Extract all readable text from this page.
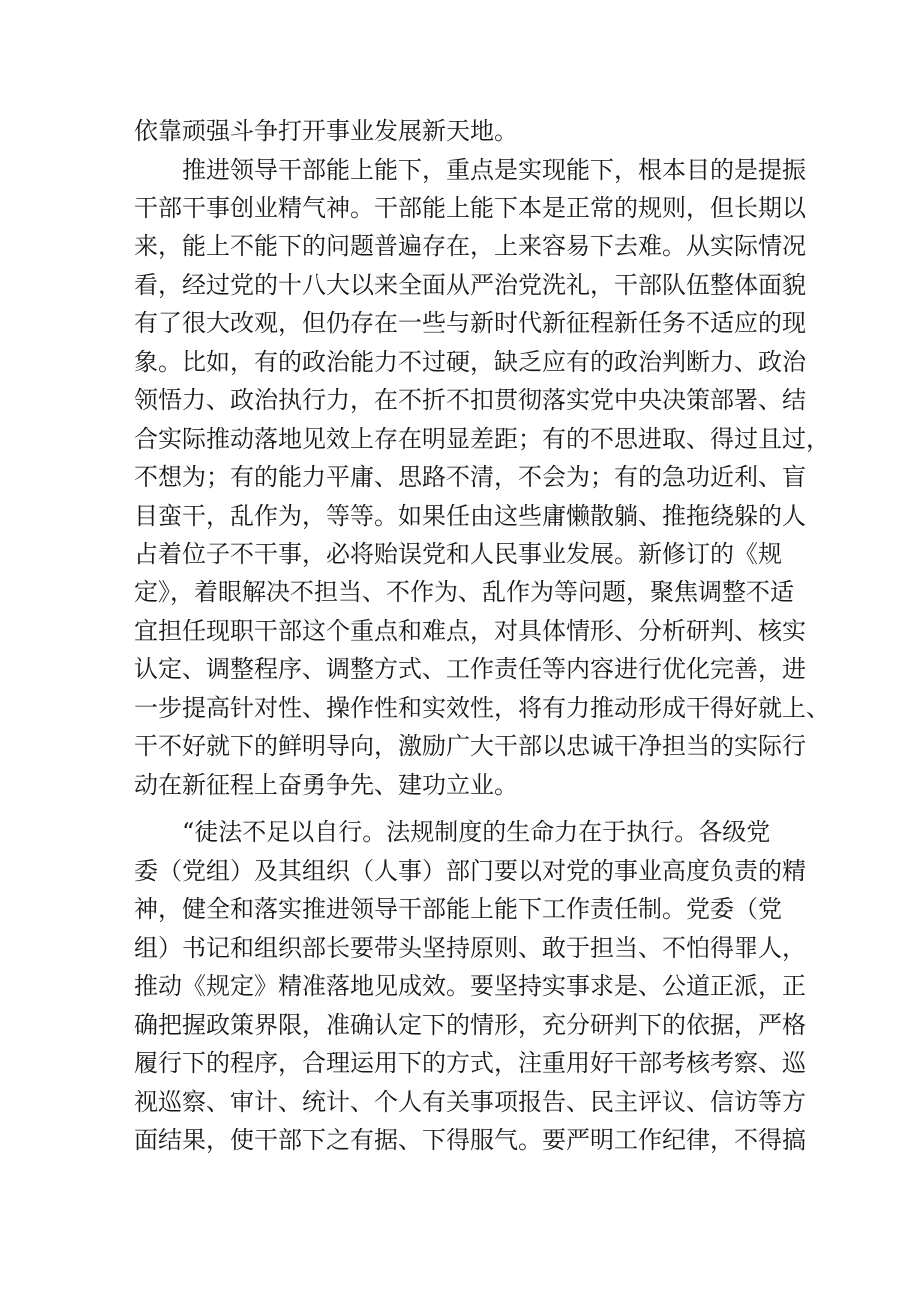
依靠顽强斗争打开事业发展新天地。

推进领导干部能上能下，重点是实现能下，根本目的是提振

干部干事创业精气神。干部能上能下本是正常的规则，但长期以

来，能上不能下的问题普遍存在，上来容易下去难。从实际情况

看，经过党的十八大以来全面从严治党洗礼，干部队伍整体面貌

有了很大改观，但仍存在一些与新时代新征程新任务不适应的现

象。比如，有的政治能力不过硬，缺乏应有的政治判断力、政治

领悟力、政治执行力，在不折不扣贯彻落实党中央决策部署、结

合实际推动落地见效上存在明显差距；有的不思进取、得过且过，

不想为；有的能力平庸、思路不清，不会为；有的急功近利、盲

目蛮干，乱作为，等等。如果任由这些庸懒散躺、推拖绕躲的人

占着位子不干事，必将贻误党和人民事业发展。新修订的《规

定》，着眼解决不担当、不作为、乱作为等问题，聚焦调整不适

宜担任现职干部这个重点和难点，对具体情形、分析研判、核实

认定、调整程序、调整方式、工作责任等内容进行优化完善，进

一步提高针对性、操作性和实效性，将有力推动形成干得好就上、

干不好就下的鲜明导向，激励广大干部以忠诚干净担当的实际行

动在新征程上奋勇争先、建功立业。

“徒法不足以自行。法规制度的生命力在于执行。各级党

委（党组）及其组织（人事）部门要以对党的事业高度负责的精

神，健全和落实推进领导干部能上能下工作责任制。党委（党

组）书记和组织部长要带头坚持原则、敢于担当、不怕得罪人，

推动《规定》精准落地见成效。要坚持实事求是、公道正派，正

确把握政策界限，准确认定下的情形，充分研判下的依据，严格

履行下的程序，合理运用下的方式，注重用好干部考核考察、巡

视巡察、审计、统计、个人有关事项报告、民主评议、信访等方

面结果，使干部下之有据、下得服气。要严明工作纪律，不得搞
